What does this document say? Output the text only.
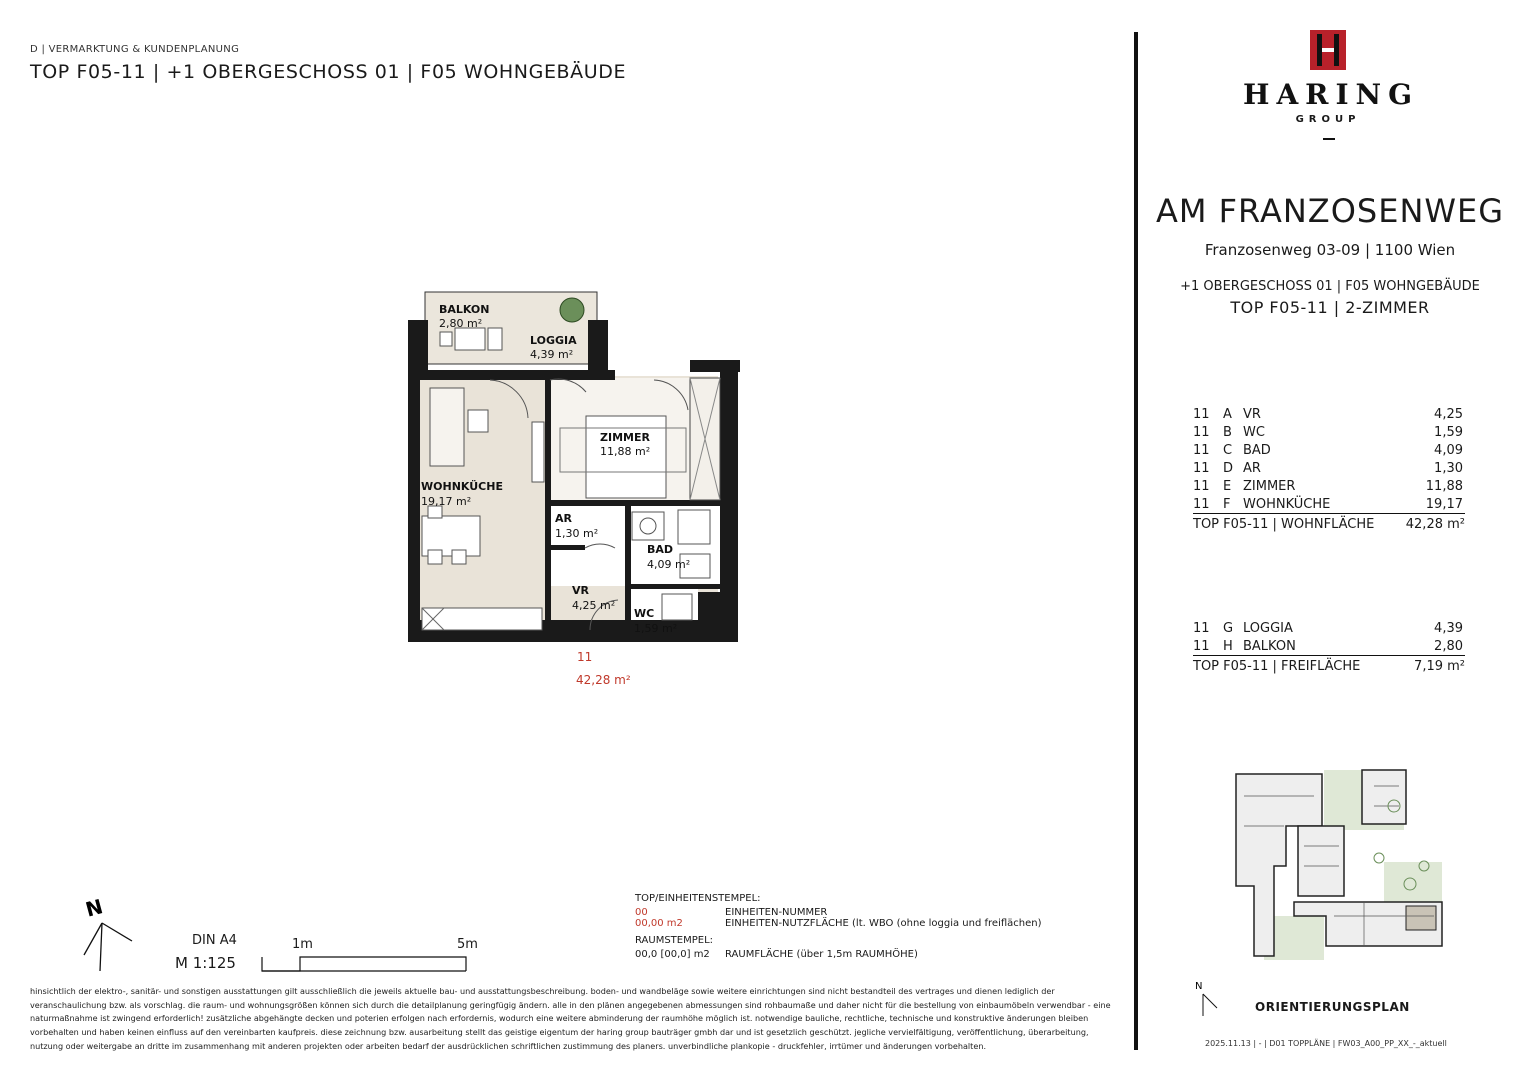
D | VERMARKTUNG & KUNDENPLANUNG
TOP F05-11 | +1 OBERGESCHOSS 01 | F05 WOHNGEBÄUDE
BALKON
2,80 m²
LOGGIA
4,39 m²
ZIMMER
11,88 m²
WOHNKÜCHE
19,17 m²
AR
1,30 m²
BAD
4,09 m²
VR
4,25 m²
WC
1,59 m²
11
42,28 m²
HARING
GROUP
AM FRANZOSENWEG
Franzosenweg 03-09 | 1100 Wien
+1 OBERGESCHOSS 01 | F05 WOHNGEBÄUDE
TOP F05-11 | 2-ZIMMER
11	A	VR	4,25
11	B	WC	1,59
11	C	BAD	4,09
11	D	AR	1,30
11	E	ZIMMER	11,88
11	F	WOHNKÜCHE	19,17
TOP F05-11 | WOHNFLÄCHE 42,28 m²
11	G	LOGGIA	4,39
11	H	BALKON	2,80
TOP F05-11 | FREIFLÄCHE	7,19 m²
N
ORIENTIERUNGSPLAN
2025.11.13 | - | D01 TOPPLÄNE | FW03_A00_PP_XX_-_aktuell
N
DIN A4
M 1:125
1m	5m
TOP/EINHEITENSTEMPEL:
00	EINHEITEN-NUMMER
00,00 m2	EINHEITEN-NUTZFLÄCHE (lt. WBO (ohne loggia und freiflächen)
RAUMSTEMPEL:
00,0 [00,0] m2	RAUMFLÄCHE (über 1,5m RAUMHÖHE)
hinsichtlich der elektro-, sanitär- und sonstigen ausstattungen gilt ausschließlich die jeweils aktuelle bau- und ausstattungsbeschreibung. boden- und wandbeläge sowie weitere einrichtungen sind nicht bestandteil des vertrages und dienen lediglich der veranschaulichung bzw. als vorschlag. die raum- und wohnungsgrößen können sich durch die detailplanung geringfügig ändern. alle in den plänen angegebenen abmessungen sind rohbaumaße und daher nicht für die bestellung von einbaumöbeln verwendbar - eine naturmaßnahme ist zwingend erforderlich! zusätzliche abgehängte decken und poterien erfolgen nach erfordernis, wodurch eine weitere abminderung der raumhöhe möglich ist. notwendige bauliche, rechtliche, technische und konstruktive änderungen bleiben vorbehalten und haben keinen einfluss auf den vereinbarten kaufpreis. diese zeichnung bzw. ausarbeitung stellt das geistige eigentum der haring group bauträger gmbh dar und ist gesetzlich geschützt. jegliche vervielfältigung, veröffentlichung, überarbeitung, nutzung oder weitergabe an dritte im zusammenhang mit anderen projekten oder arbeiten bedarf der ausdrücklichen schriftlichen zustimmung des planers. unverbindliche plankopie - druckfehler, irrtümer und änderungen vorbehalten.
